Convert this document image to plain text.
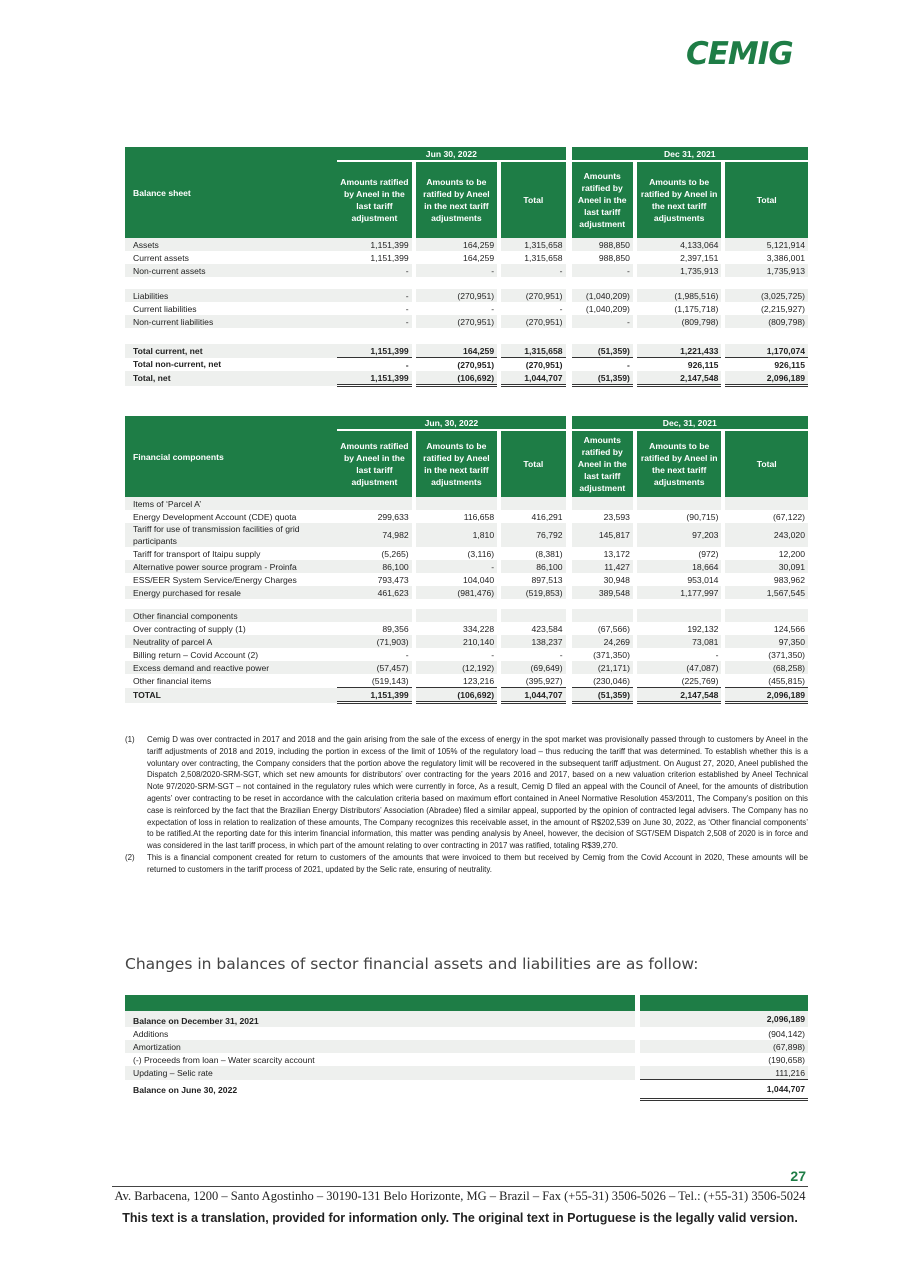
CEMIG
Balance sheet	Jun 30, 2022						Dec 31, 2021				
	Amounts ratified by Aneel in the last tariff adjustment		Amounts to be ratified by Aneel in the next tariff adjustments		Total		Amounts ratified by Aneel in the last tariff adjustment		Amounts to be ratified by Aneel in the next tariff adjustments		Total
Assets	1,151,399		164,259		1,315,658		988,850		4,133,064		5,121,914
Current assets	1,151,399		164,259		1,315,658		988,850		2,397,151		3,386,001
Non-current assets	-		-		-		-		1,735,913		1,735,913

Liabilities	-		(270,951)		(270,951)		(1,040,209)		(1,985,516)		(3,025,725)
Current liabilities	-		-		-		(1,040,209)		(1,175,718)		(2,215,927)
Non-current liabilities	-		(270,951)		(270,951)		-		(809,798)		(809,798)

Total current, net	1,151,399		164,259		1,315,658		(51,359)		1,221,433		1,170,074
Total non-current, net	-		(270,951)		(270,951)		-		926,115		926,115
Total, net	1,151,399		(106,692)		1,044,707		(51,359)		2,147,548		2,096,189
Financial components	Jun, 30, 2022						Dec, 31, 2021				
	Amounts ratified by Aneel in the last tariff adjustment		Amounts to be ratified by Aneel in the next tariff adjustments		Total		Amounts ratified by Aneel in the last tariff adjustment		Amounts to be ratified by Aneel in the next tariff adjustments		Total
Items of ‘Parcel A’											
Energy Development Account (CDE) quota	299,633		116,658		416,291		23,593		(90,715)		(67,122)
Tariff for use of transmission facilities of grid participants	74,982		1,810		76,792		145,817		97,203		243,020
Tariff for transport of Itaipu supply	(5,265)		(3,116)		(8,381)		13,172		(972)		12,200
Alternative power source program - Proinfa	86,100		-		86,100		11,427		18,664		30,091
ESS/EER System Service/Energy Charges	793,473		104,040		897,513		30,948		953,014		983,962
Energy purchased for resale	461,623		(981,476)		(519,853)		389,548		1,177,997		1,567,545

Other financial components											
Over contracting of supply (1)	89,356		334,228		423,584		(67,566)		192,132		124,566
Neutrality of parcel A	(71,903)		210,140		138,237		24,269		73,081		97,350
Billing return – Covid Account (2)	-		-		-		(371,350)		-		(371,350)
Excess demand and reactive power	(57,457)		(12,192)		(69,649)		(21,171)		(47,087)		(68,258)
Other financial items	(519,143)		123,216		(395,927)		(230,046)		(225,769)		(455,815)
TOTAL	1,151,399		(106,692)		1,044,707		(51,359)		2,147,548		2,096,189
(1)	Cemig D was over contracted in 2017 and 2018 and the gain arising from the sale of the excess of energy in the spot market was provisionally passed through to customers by Aneel in the tariff adjustments of 2018 and 2019, including the portion in excess of the limit of 105% of the regulatory load – thus reducing the tariff that was determined. To establish whether this is a voluntary over contracting, the Company considers that the portion above the regulatory limit will be recovered in the subsequent tariff adjustment. On August 27, 2020, Aneel published the Dispatch 2,508/2020-SRM-SGT, which set new amounts for distributors’ over contracting for the years 2016 and 2017, based on a new valuation criterion established by Aneel Technical Note 97/2020-SRM-SGT – not contained in the regulatory rules which were currently in force, As a result, Cemig D filed an appeal with the Council of Aneel, for the amounts of distribution agents’ over contracting to be reset in accordance with the calculation criteria based on maximum effort contained in Aneel Normative Resolution 453/2011, The Company’s position on this case is reinforced by the fact that the Brazilian Energy Distributors’ Association (Abradee) filed a similar appeal, supported by the opinion of contracted legal advisers. The Company has no expectation of loss in relation to realization of these amounts, The Company recognizes this receivable asset, in the amount of R$202,539 on June 30, 2022, as ‘Other financial components’ to be ratified.At the reporting date for this interim financial information, this matter was pending analysis by Aneel, however, the decision of SGT/SEM Dispatch 2,508 of 2020 is in force and was considered in the last tariff process, in which part of the amount relating to over contracting in 2017 was ratified, totaling R$39,270.
(2)	This is a financial component created for return to customers of the amounts that were invoiced to them but received by Cemig from the Covid Account in 2020, These amounts will be returned to customers in the tariff process of 2021, updated by the Selic rate, ensuring of neutrality.
Changes in balances of sector financial assets and liabilities are as follow:

Balance on December 31, 2021		2,096,189
Additions		(904,142)
Amortization		(67,898)
(-) Proceeds from loan – Water scarcity account		(190,658)
Updating – Selic rate		111,216
Balance on June 30, 2022		1,044,707
27
Av. Barbacena, 1200 – Santo Agostinho – 30190-131 Belo Horizonte, MG – Brazil – Fax (+55-31) 3506-5026 – Tel.: (+55-31) 3506-5024
This text is a translation, provided for information only. The original text in Portuguese is the legally valid version.
